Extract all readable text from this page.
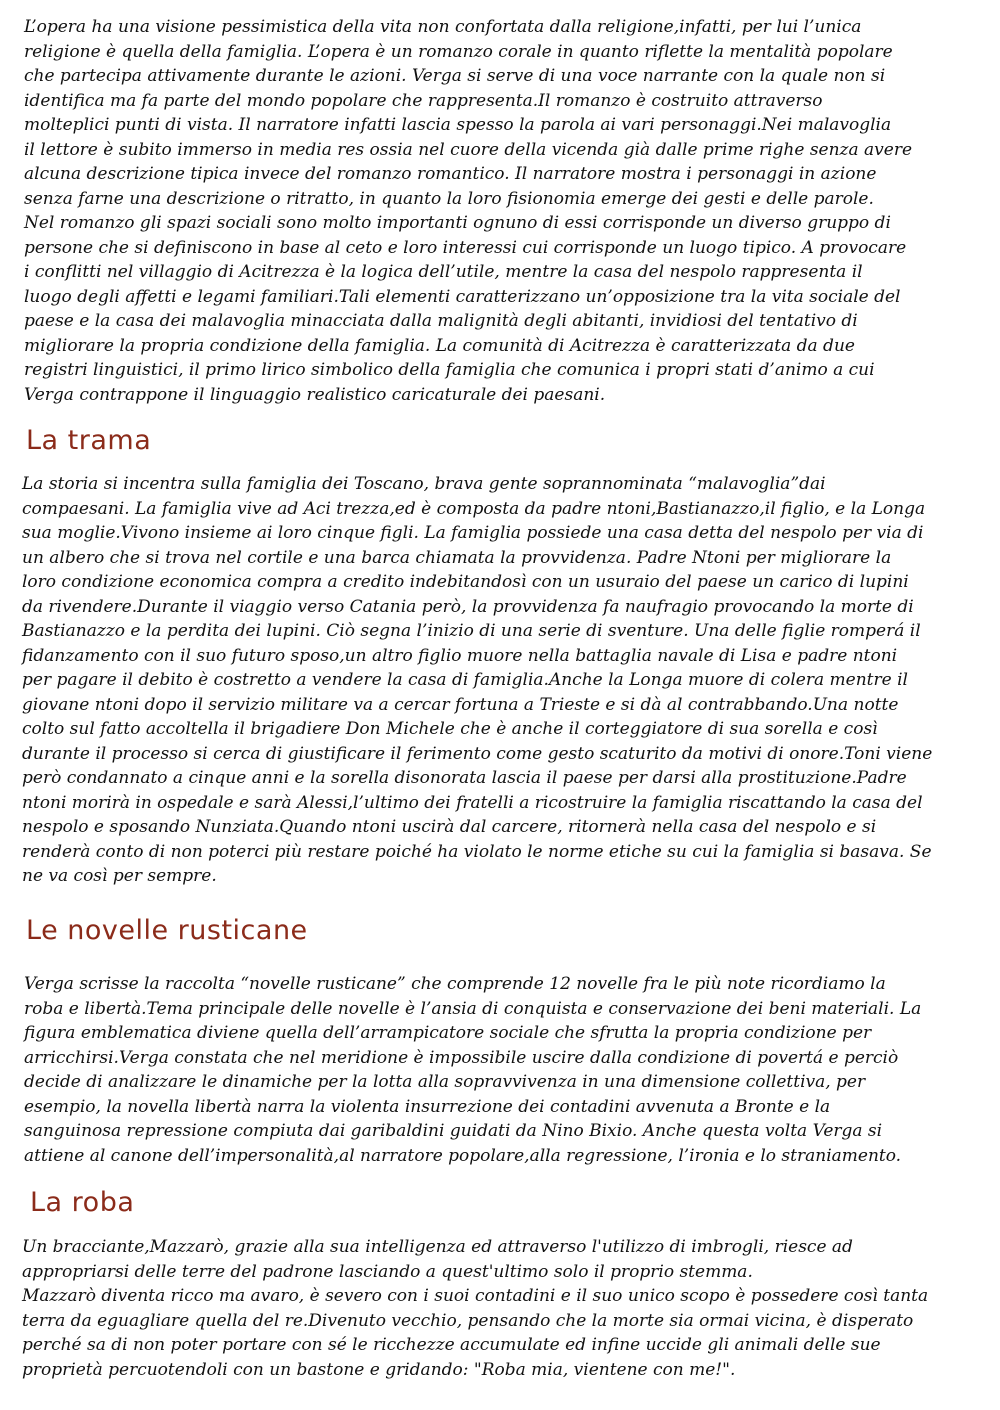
L’opera ha una visione pessimistica della vita non confortata dalla religione,infatti, per lui l’unica
religione è quella della famiglia. L’opera è un romanzo corale in quanto riflette la mentalità popolare
che partecipa attivamente durante le azioni. Verga si serve di una voce narrante con la quale non si
identifica ma fa parte del mondo popolare che rappresenta.Il romanzo è costruito attraverso
molteplici punti di vista. Il narratore infatti lascia spesso la parola ai vari personaggi.Nei malavoglia
il lettore è subito immerso in media res ossia nel cuore della vicenda già dalle prime righe senza avere
alcuna descrizione tipica invece del romanzo romantico. Il narratore mostra i personaggi in azione
senza farne una descrizione o ritratto, in quanto la loro fisionomia emerge dei gesti e delle parole.
Nel romanzo gli spazi sociali sono molto importanti ognuno di essi corrisponde un diverso gruppo di
persone che si definiscono in base al ceto e loro interessi cui corrisponde un luogo tipico. A provocare
i conflitti nel villaggio di Acitrezza è la logica dell’utile, mentre la casa del nespolo rappresenta il
luogo degli affetti e legami familiari.Tali elementi caratterizzano un’opposizione tra la vita sociale del
paese e la casa dei malavoglia minacciata dalla malignità degli abitanti, invidiosi del tentativo di
migliorare la propria condizione della famiglia. La comunità di Acitrezza è caratterizzata da due
registri linguistici, il primo lirico simbolico della famiglia che comunica i propri stati d’animo a cui
Verga contrappone il linguaggio realistico caricaturale dei paesani.

La trama

La storia si incentra sulla famiglia dei Toscano, brava gente soprannominata “malavoglia”dai
compaesani. La famiglia vive ad Aci trezza,ed è composta da padre ntoni,Bastianazzo,il figlio, e la Longa
sua moglie.Vivono insieme ai loro cinque figli. La famiglia possiede una casa detta del nespolo per via di
un albero che si trova nel cortile e una barca chiamata la provvidenza. Padre Ntoni per migliorare la
loro condizione economica compra a credito indebitandosì con un usuraio del paese un carico di lupini
da rivendere.Durante il viaggio verso Catania però, la provvidenza fa naufragio provocando la morte di
Bastianazzo e la perdita dei lupini. Ciò segna l’inizio di una serie di sventure. Una delle figlie romperá il
fidanzamento con il suo futuro sposo,un altro figlio muore nella battaglia navale di Lisa e padre ntoni
per pagare il debito è costretto a vendere la casa di famiglia.Anche la Longa muore di colera mentre il
giovane ntoni dopo il servizio militare va a cercar fortuna a Trieste e si dà al contrabbando.Una notte
colto sul fatto accoltella il brigadiere Don Michele che è anche il corteggiatore di sua sorella e così
durante il processo si cerca di giustificare il ferimento come gesto scaturito da motivi di onore.Toni viene
però condannato a cinque anni e la sorella disonorata lascia il paese per darsi alla prostituzione.Padre
ntoni morirà in ospedale e sarà Alessi,l’ultimo dei fratelli a ricostruire la famiglia riscattando la casa del
nespolo e sposando Nunziata.Quando ntoni uscirà dal carcere, ritornerà nella casa del nespolo e si
renderà conto di non poterci più restare poiché ha violato le norme etiche su cui la famiglia si basava. Se
ne va così per sempre.

Le novelle rusticane

Verga scrisse la raccolta “novelle rusticane” che comprende 12 novelle fra le più note ricordiamo la
roba e libertà.Tema principale delle novelle è l’ansia di conquista e conservazione dei beni materiali. La
figura emblematica diviene quella dell’arrampicatore sociale che sfrutta la propria condizione per
arricchirsi.Verga constata che nel meridione è impossibile uscire dalla condizione di povertá e perciò
decide di analizzare le dinamiche per la lotta alla sopravvivenza in una dimensione collettiva, per
esempio, la novella libertà narra la violenta insurrezione dei contadini avvenuta a Bronte e la
sanguinosa repressione compiuta dai garibaldini guidati da Nino Bixio. Anche questa volta Verga si
attiene al canone dell’impersonalità,al narratore popolare,alla regressione, l’ironia e lo straniamento.

La roba

Un bracciante,Mazzarò, grazie alla sua intelligenza ed attraverso l'utilizzo di imbrogli, riesce ad
appropriarsi delle terre del padrone lasciando a quest'ultimo solo il proprio stemma.
Mazzarò diventa ricco ma avaro, è severo con i suoi contadini e il suo unico scopo è possedere così tanta
terra da eguagliare quella del re.Divenuto vecchio, pensando che la morte sia ormai vicina, è disperato
perché sa di non poter portare con sé le ricchezze accumulate ed infine uccide gli animali delle sue
proprietà percuotendoli con un bastone e gridando: "Roba mia, vientene con me!".
